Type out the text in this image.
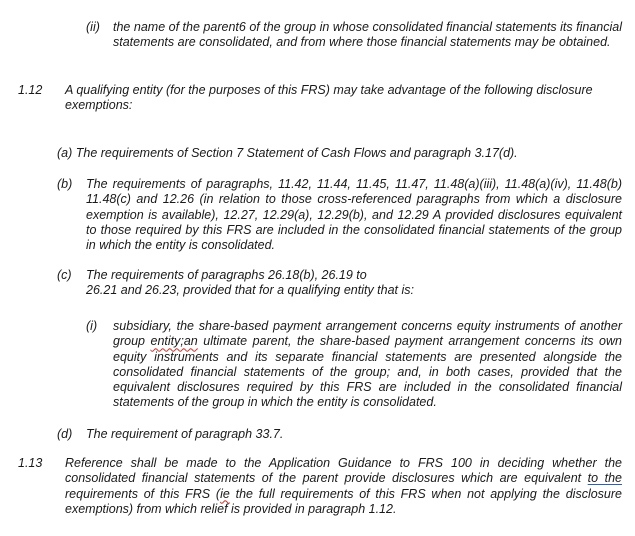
(ii) the name of the parent6 of the group in whose consolidated financial statements its financial statements are consolidated, and from where those financial statements may be obtained.
1.12 A qualifying entity (for the purposes of this FRS) may take advantage of the following disclosure exemptions:
(a) The requirements of Section 7 Statement of Cash Flows and paragraph 3.17(d).
(b) The requirements of paragraphs, 11.42, 11.44, 11.45, 11.47, 11.48(a)(iii), 11.48(a)(iv), 11.48(b) 11.48(c) and 12.26 (in relation to those cross-referenced paragraphs from which a disclosure exemption is available), 12.27, 12.29(a), 12.29(b), and 12.29 A provided disclosures equivalent to those required by this FRS are included in the consolidated financial statements of the group in which the entity is consolidated.
(c) The requirements of paragraphs 26.18(b), 26.19 to
26.21 and 26.23, provided that for a qualifying entity that is:
(i) subsidiary, the share-based payment arrangement concerns equity instruments of another group entity;an ultimate parent, the share-based payment arrangement concerns its own equity instruments and its separate financial statements are presented alongside the consolidated financial statements of the group; and, in both cases, provided that the equivalent disclosures required by this FRS are included in the consolidated financial statements of the group in which the entity is consolidated.
(d) The requirement of paragraph 33.7.
1.13 Reference shall be made to the Application Guidance to FRS 100 in deciding whether the consolidated financial statements of the parent provide disclosures which are equivalent to the requirements of this FRS (ie the full requirements of this FRS when not applying the disclosure exemptions) from which relief is provided in paragraph 1.12.
